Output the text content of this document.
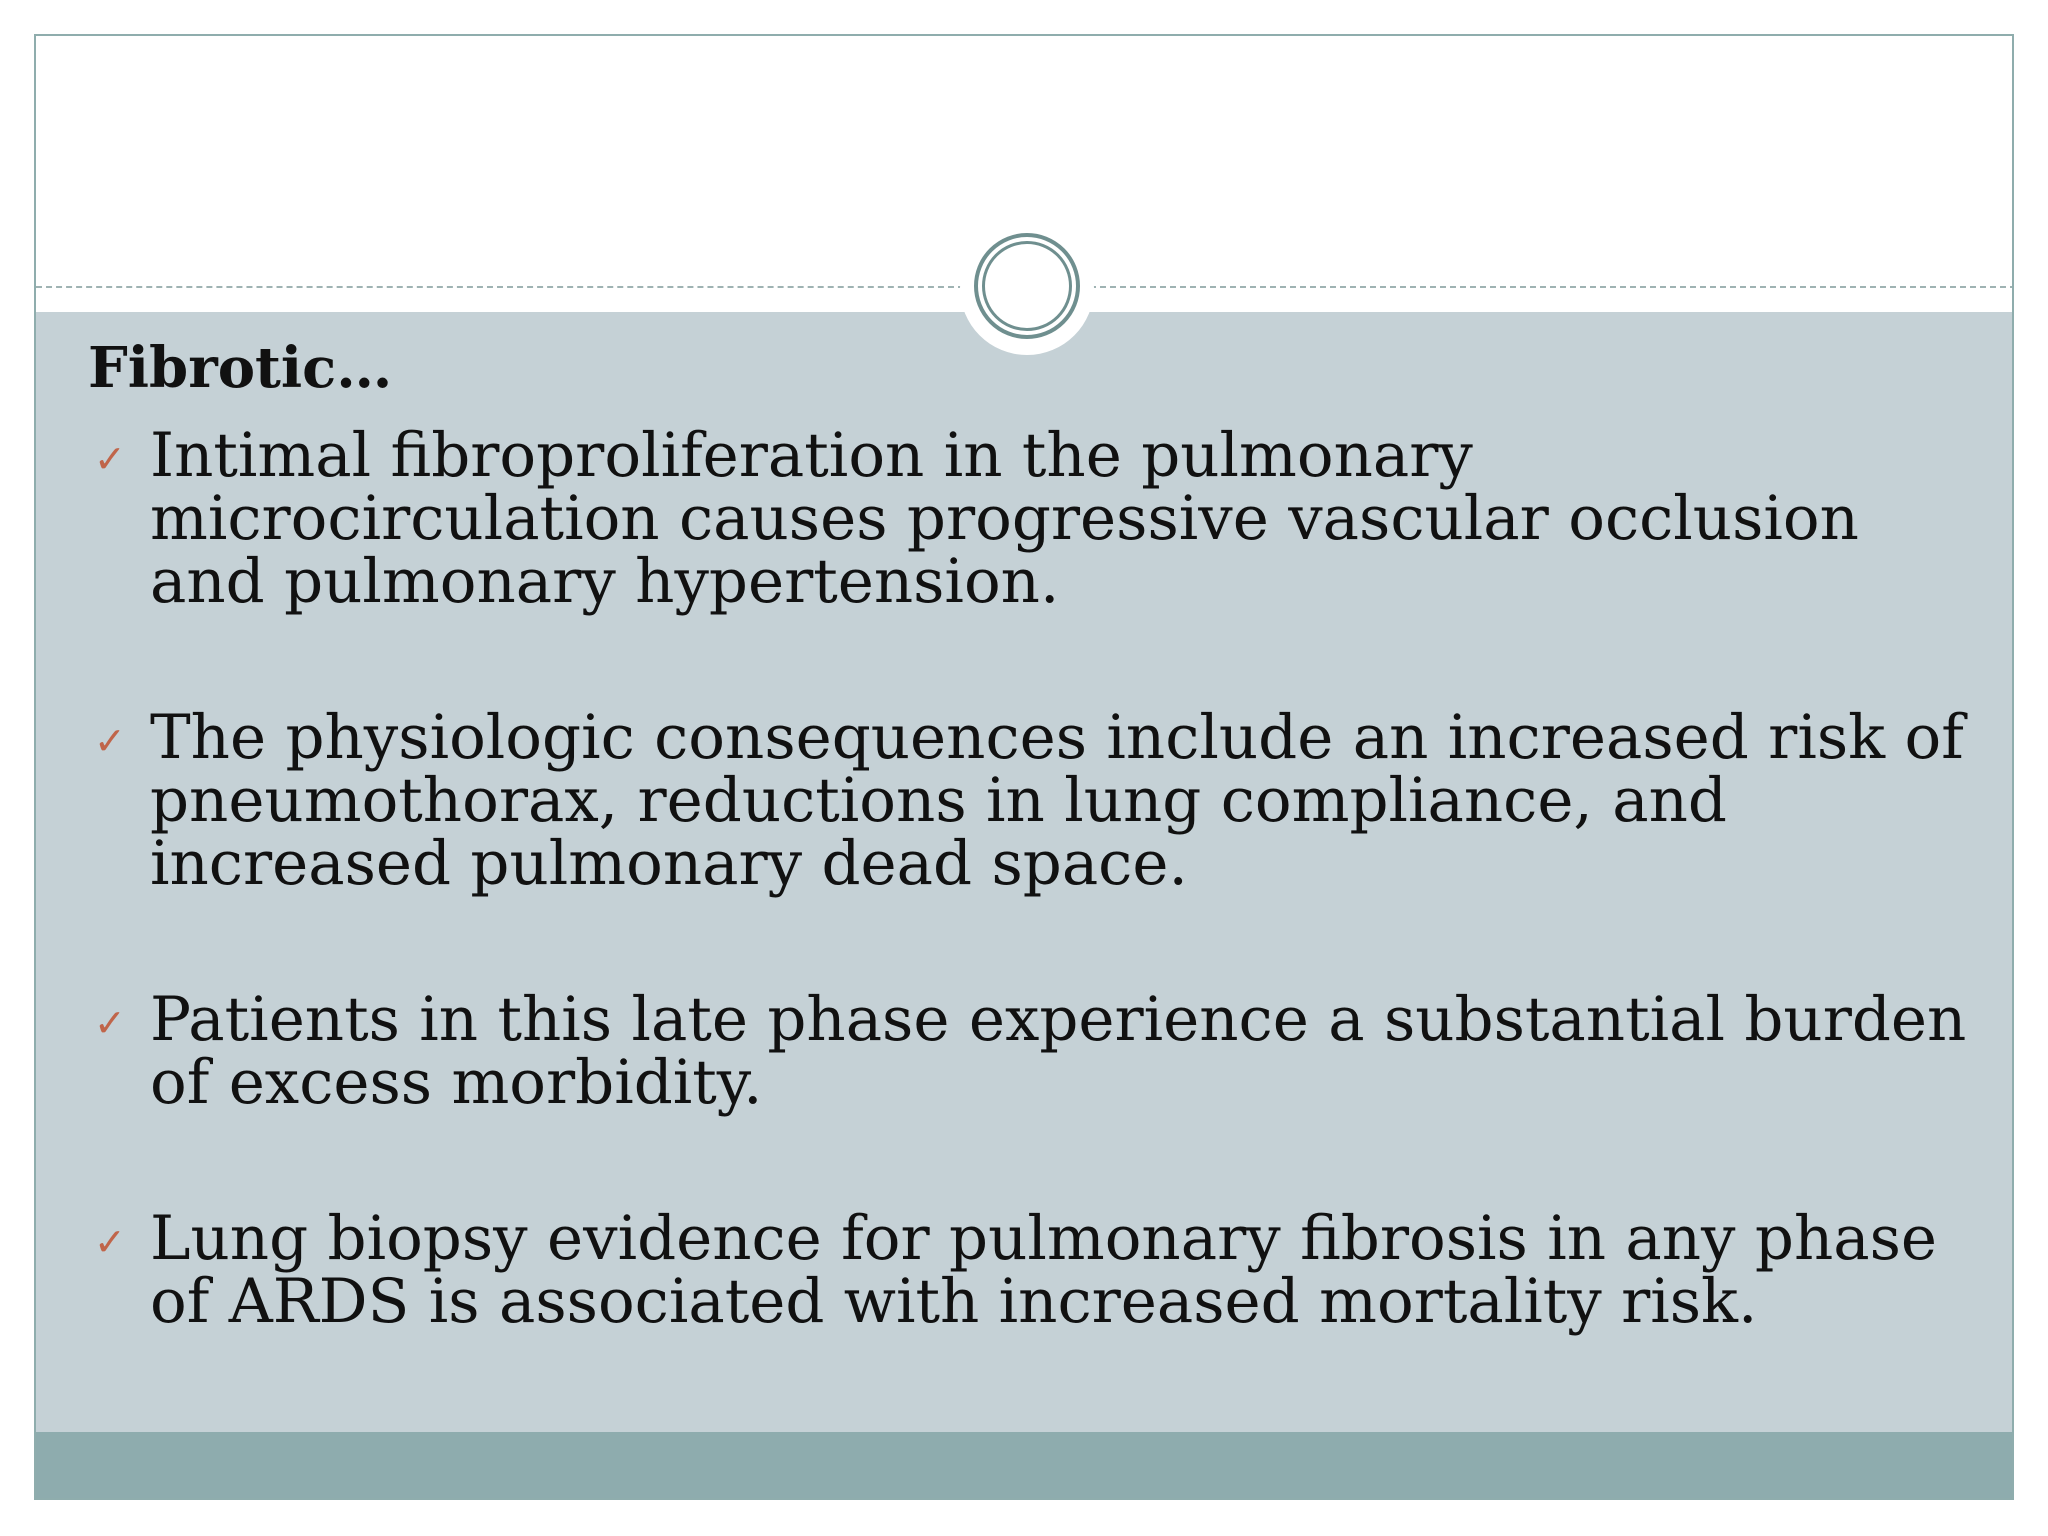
Fibrotic…
✓ Intimal fibroproliferation in the pulmonary microcirculation causes progressive vascular occlusion and pulmonary hypertension.
✓ The physiologic consequences include an increased risk of pneumothorax, reductions in lung compliance, and increased pulmonary dead space.
✓ Patients in this late phase experience a substantial burden of excess morbidity.
✓ Lung biopsy evidence for pulmonary fibrosis in any phase of ARDS is associated with increased mortality risk.
